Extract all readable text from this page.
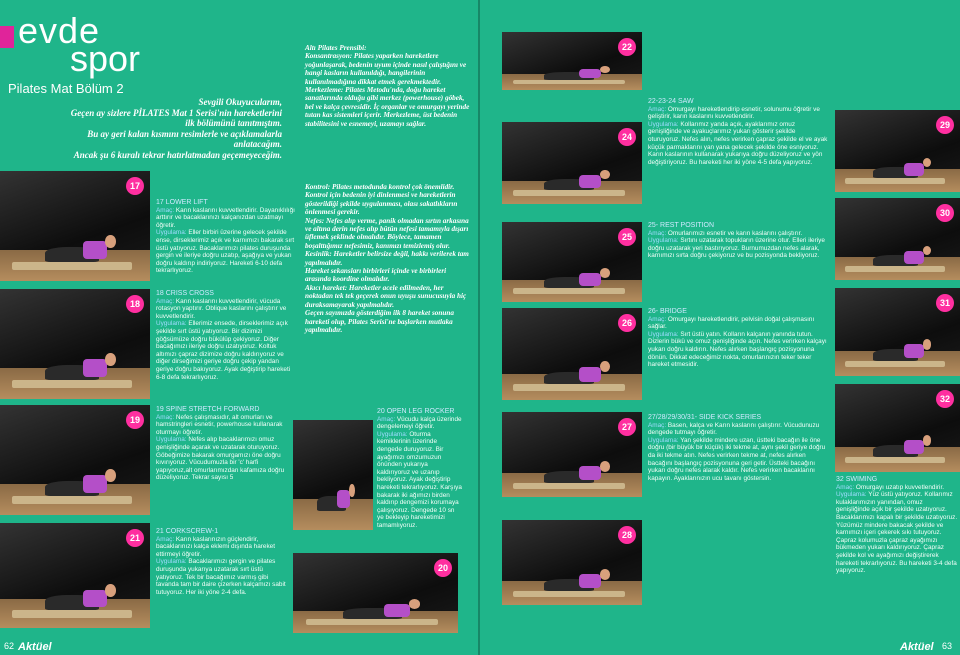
evde
spor
Pilates Mat Bölüm 2
Sevgili Okuyucularım,
Geçen ay sizlere PİLATES Mat 1 Serisi'nin hareketlerini ilk bölümünü tanıtmıştım.
Bu ay geri kalan kısmını resimlerle ve açıklamalarla anlatacağım.
Ancak şu 6 kuralı tekrar hatırlatmadan geçemeyeceğim.
Altı Pilates Prensibi:
Konsantrasyon: Pilates yaparken hareketlere yoğunlaşarak, bedenin uyum içinde nasıl çalıştığını ve hangi kasların kullanıldığı, hangilerinin kullanılmadığına dikkat etmek gerekmektedir.
Merkezleme: Pilates Metodu'nda, doğu hareket sanatlarında olduğu gibi merkez (powerhouse) göbek, bel ve kalça çevresidir. İç organlar ve omurgayı yerinde tutan kas sistemleri içerir. Merkezleme, üst bedenin stabilitesini ve esnemeyi, uzamayı sağlar.
Kontrol: Pilates metodunda kontrol çok önemlidir. Kontrol için bedenin iyi dinlenmesi ve hareketlerin gösterildiği şekilde uygulanması, olası sakatlıkların önlenmesi gerekir.
Nefes: Nefes alıp verme, panik olmadan sırtın arkasına ve altına derin nefes alıp bütün nefesi tamamıyla dışarı üflemek şeklinde olmalıdır. Böylece, tamamen boşalttığımız nefesimiz, kanımızı temizlemiş olur.
Kesinlik: Hareketler belirsize değil, hakkı verilerek tam yapılmalıdır.
Hareket sekansları birbirleri içinde ve birbirleri arasında koordine olmalıdır.
Akıcı hareket: Hareketler acele edilmeden, her noktadan tek tek geçerek onun uyuşu sunucusuyla hiç duraksamayarak yapılmalıdır.
Geçen sayımızda gösterdiğim ilk 8 hareket sonuna hareketi olup, Pilates Serisi'ne başlarken mutlaka yapılmalıdır.
17
18
19
21
20
17 LOWER LIFT
Amaç: Karın kaslarını kuvvetlendirir. Dayanıklılığı arttırır ve bacaklarınızı kalçanızdan uzatmayı öğretir.
Uygulama: Eller birbiri üzerine gelecek şekilde ense, dirseklerimiz açık ve karnımızı bakarak sırt üstü yatıyoruz. Bacaklarımızı pilates duruşunda gergin ve ileriye doğru uzatıp, aşağıya ve yukarı doğru kaldırıp indiriyoruz. Hareketi 6-10 defa tekrarlıyoruz.
18 CRISS CROSS
Amaç: Karın kaslarını kuvvetlendirir, vücuda rotasyon yaptırır. Oblique kaslarını çalıştırır ve kuvvetlendirir.
Uygulama: Ellerimiz ensede, dirseklerimiz açık şekilde sırt üstü yatıyoruz. Bir dizimizi göğsümüze doğru bükülüp çekiyoruz. Diğer bacağımızı ileriye doğru uzatıyoruz. Koltuk altımızı çapraz dizimize doğru kaldırıyoruz ve diğer dirseğimizi geriye doğru çekip yandan geriye doğru bakıyoruz. Ayak değiştirip hareketi 6-8 defa tekrarlıyoruz.
19 SPINE STRETCH FORWARD
Amaç: Nefes çalışmasıdır, alt omurları ve hamstringleri esnetir, powerhouse kullanarak oturmayı öğretir.
Uygulama: Nefes alıp bacaklarımızı omuz genişliğinde açarak ve uzatarak oturuyoruz. Göbeğimize bakarak omurgamızı öne doğru kıvırıyoruz. Vücudumuzla bir 'c' harfi yapıyoruz,alt omurlarımızdan kafamıza doğru düzeliyoruz. Tekrar sayısı 5
21 CORKSCREW-1
Amaç: Karın kaslarınızın güçlendirir, bacaklarınızı kalça eklemi dışında hareket ettirmeyi öğretir.
Uygulama: Bacaklarımızı gergin ve pilates duruşunda yukarıya uzatarak sırt üstü yatıyoruz. Tek bir bacağımız varmış gibi tavanda tam bir daire çizerken kalçamızı sabit tutuyoruz. Her iki yöne 2-4 defa.
20 OPEN LEG ROCKER
Amaç: Vücudu kalça üzerinde dengelemeyi öğretir.
Uygulama: Oturma kemiklerinin üzerinde dengede duruyoruz. Bir ayağımızı omzumuzun önünden yukarıya kaldırıyoruz ve uzanıp bekliyoruz. Ayak değiştirip hareketi tekrarlıyoruz. Karşıya bakarak iki ağımızı birden kaldırıp dengemizi korumaya çalışıyoruz. Dengede 10 sn ye bekleyip hareketimizi tamamlıyoruz.
62 Aktüel
22
24
25
26
27
28
29
30
31
32
22-23-24 SAW
Amaç: Omurgayı hareketlendirip esnetir, solunumu öğretir ve geliştirir, karın kaslarını kuvvetlendirir.
Uygulama: Kollarımız yanda açık, ayaklarımız omuz genişliğinde ve ayakuçlarımız yukarı gösterir şekilde oturuyoruz. Nefes alın, nefes verirken çapraz şekilde el ve ayak küçük parmaklarını yan yana gelecek şekilde öne esniyoruz.
Karın kaslarının kullanarak yukarıya doğru düzeliyoruz ve yön değiştiriyoruz. Bu hareketi her iki yöne 4-5 defa yapıyoruz.
25- REST POSITION
Amaç: Omurlarımızı esnetir ve karın kaslarını çalıştırır.
Uygulama: Sırtını uzatarak topukların üzerine otur. Elleri ileriye doğru uzatarak yeri bastırıyoruz. Burnumuzdan nefes alarak, karnımızı sırta doğru çekiyoruz ve bu pozisyonda bekliyoruz.
26- BRIDGE
Amaç: Omurgayı hareketlendirir, pelvisin doğal çalışmasını sağlar.
Uygulama: Sırt üstü yatın. Kolların kalçanın yanında tutun. Dizlerin bükü ve omuz genişliğinde açın. Nefes verirken kalçayı yukarı doğru kaldırın. Nefes alırken başlangıç pozisyonuna dönün. Dikkat edeceğimiz nokta, omurlarınızın teker teker hareket etmesidir.
27/28/29/30/31- SIDE KICK SERIES
Amaç: Basen, kalça ve Karın kaslarını çalıştırır. Vücudunuzu dengede tutmayı öğretir.
Uygulama: Yan şekilde mindere uzan, üstteki bacağın ile öne doğru (bir büyük bir küçük) iki tekme at, aynı şekil geriye doğru da iki tekme atın. Nefes verirken tekme at, nefes alırken bacağını başlangıç pozisyonuna geri getir. Üstteki bacağını yukarı doğru nefes alarak kaldır. Nefes verirken bacaklarını kapayın. Ayaklarınızın ucu tavanı göstersin.	32 SWIMING
Amaç: Omurgayı uzatıp kuvvetlendirir.
Uygulama: Yüz üstü yatıyoruz. Kollarımız kulaklarımızın yanından, omuz genişliğinde açık bir şekilde uzatıyoruz. Bacaklarımızı kapalı bir şekilde uzatıyoruz. Yüzümüz mindere bakacak şekilde ve karnımızı içeri çekerek sıkı tutuyoruz. Çapraz kolumuzla çapraz ayağımızı bükmeden yukarı kaldırıyoruz. Çapraz şekilde kol ve ayağımızı değiştirerek hareketi tekrarlıyoruz. Bu hareketi 3-4 defa yapıyoruz.
Aktüel 63
